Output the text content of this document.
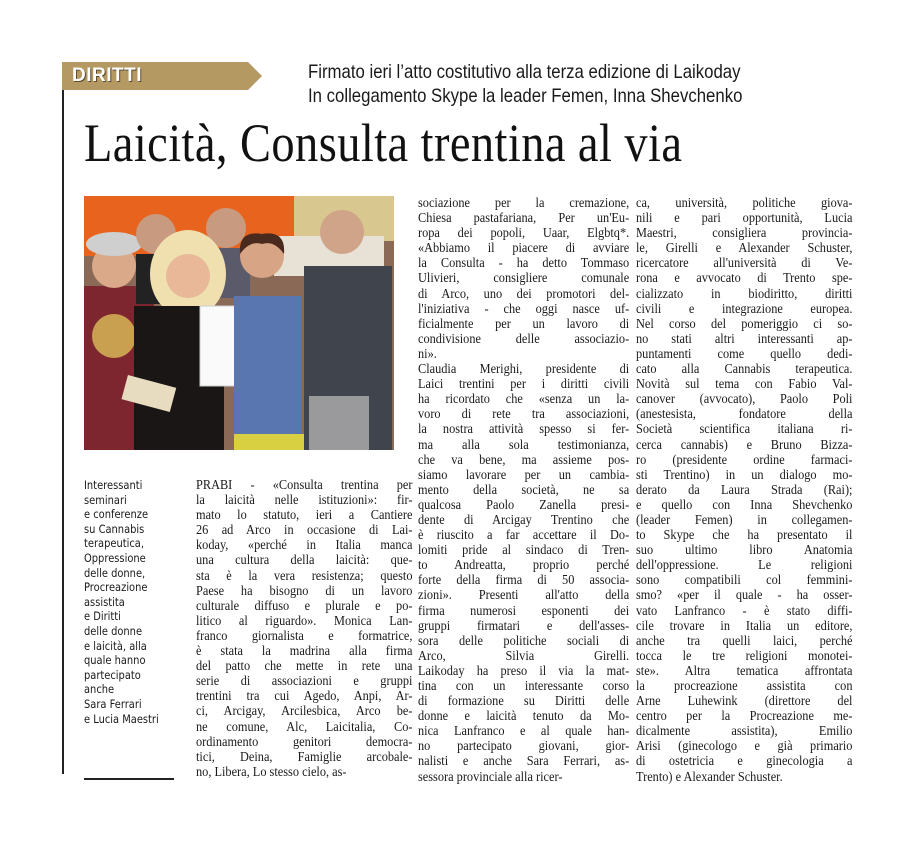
DIRITTI	Firmato ieri l’atto costitutivo alla terza edizione di Laikoday
In collegamento Skype la leader Femen, Inna Shevchenko
Laicità, Consulta trentina al via
Interessanti
seminari
e conferenze
su Cannabis
terapeutica,
Oppressione
delle donne,
Procreazione
assistita
e Diritti
delle donne
e laicità, alla
quale hanno
partecipato
anche
Sara Ferrari
e Lucia Maestri
PRABI - «Consulta trentina per
la laicità nelle istituzioni»: fir-
mato lo statuto, ieri a Cantiere
26 ad Arco in occasione di Lai-
koday, «perché in Italia manca
una cultura della laicità: que-
sta è la vera resistenza; questo
Paese ha bisogno di un lavoro
culturale diffuso e plurale e po-
litico al riguardo». Monica Lan-
franco giornalista e formatrice,
è stata la madrina alla firma
del patto che mette in rete una
serie di associazioni e gruppi
trentini tra cui Agedo, Anpi, Ar-
ci, Arcigay, Arcilesbica, Arco be-
ne comune, Alc, Laicitalia, Co-
ordinamento genitori democra-
tici, Deina, Famiglie arcobale-
no, Libera, Lo stesso cielo, as-
sociazione per la cremazione,
Chiesa pastafariana, Per un'Eu-
ropa dei popoli, Uaar, Elgbtq*.
«Abbiamo il piacere di avviare
la Consulta - ha detto Tommaso
Ulivieri, consigliere comunale
di Arco, uno dei promotori del-
l'iniziativa - che oggi nasce uf-
ficialmente per un lavoro di
condivisione delle associazio-
ni».
Claudia Merighi, presidente di
Laici trentini per i diritti civili
ha ricordato che «senza un la-
voro di rete tra associazioni,
la nostra attività spesso si fer-
ma alla sola testimonianza,
che va bene, ma assieme pos-
siamo lavorare per un cambia-
mento della società, ne sa
qualcosa Paolo Zanella presi-
dente di Arcigay Trentino che
è riuscito a far accettare il Do-
lomiti pride al sindaco di Tren-
to Andreatta, proprio perché
forte della firma di 50 associa-
zioni». Presenti all'atto della
firma numerosi esponenti dei
gruppi firmatari e dell'asses-
sora delle politiche sociali di
Arco, Silvia Girelli.
Laikoday ha preso il via la mat-
tina con un interessante corso
di formazione su Diritti delle
donne e laicità tenuto da Mo-
nica Lanfranco e al quale han-
no partecipato giovani, gior-
nalisti e anche Sara Ferrari, as-
sessora provinciale alla ricer-
ca, università, politiche giova-
nili e pari opportunità, Lucia
Maestri, consigliera provincia-
le, Girelli e Alexander Schuster,
ricercatore all'università di Ve-
rona e avvocato di Trento spe-
cializzato in biodiritto, diritti
civili e integrazione europea.
Nel corso del pomeriggio ci so-
no stati altri interessanti ap-
puntamenti come quello dedi-
cato alla Cannabis terapeutica.
Novità sul tema con Fabio Val-
canover (avvocato), Paolo Poli
(anestesista, fondatore della
Società scientifica italiana ri-
cerca cannabis) e Bruno Bizza-
ro (presidente ordine farmaci-
sti Trentino) in un dialogo mo-
derato da Laura Strada (Rai);
e quello con Inna Shevchenko
(leader Femen) in collegamen-
to Skype che ha presentato il
suo ultimo libro Anatomia
dell'oppressione. Le religioni
sono compatibili col femmini-
smo? «per il quale - ha osser-
vato Lanfranco - è stato diffi-
cile trovare in Italia un editore,
anche tra quelli laici, perché
tocca le tre religioni monotei-
ste». Altra tematica affrontata
la procreazione assistita con
Arne Luhewink (direttore del
centro per la Procreazione me-
dicalmente assistita), Emilio
Arisi (ginecologo e già primario
di ostetricia e ginecologia a
Trento) e Alexander Schuster.
